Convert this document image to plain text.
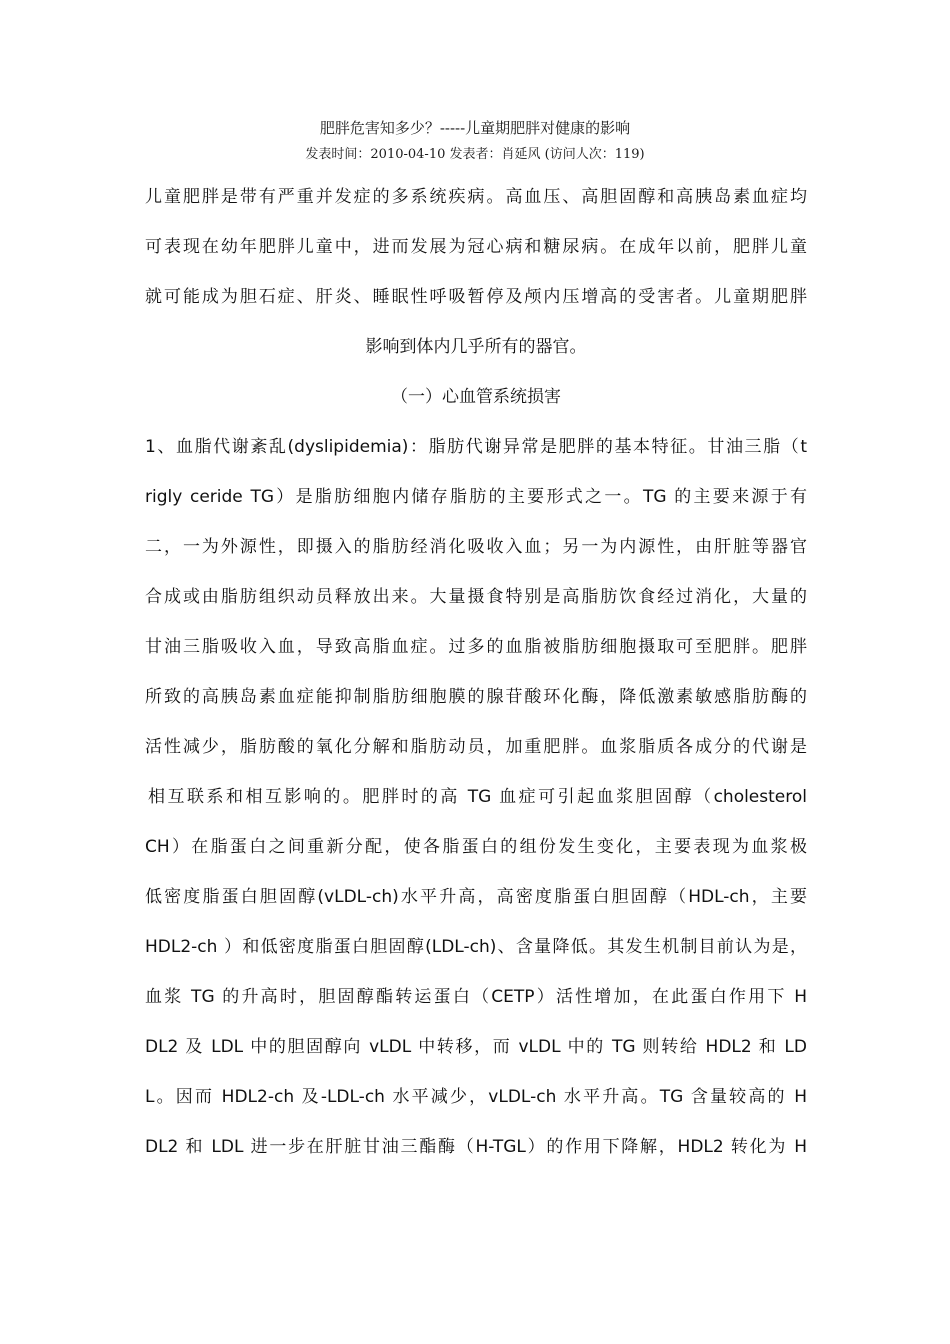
肥胖危害知多少？-----儿童期肥胖对健康的影响
发表时间：2010-04-10 发表者：肖延风 (访问人次：119)
儿童肥胖是带有严重并发症的多系统疾病。高血压、高胆固醇和高胰岛素血症均
可表现在幼年肥胖儿童中，进而发展为冠心病和糖尿病。在成年以前，肥胖儿童
就可能成为胆石症、肝炎、睡眠性呼吸暂停及颅内压增高的受害者。儿童期肥胖
影响到体内几乎所有的器官。
（一）心血管系统损害
1、血脂代谢紊乱(dyslipidemia)：脂肪代谢异常是肥胖的基本特征。甘油三脂（t
rigly ceride TG）是脂肪细胞内储存脂肪的主要形式之一。TG 的主要来源于有
二，一为外源性，即摄入的脂肪经消化吸收入血；另一为内源性，由肝脏等器官
合成或由脂肪组织动员释放出来。大量摄食特别是高脂肪饮食经过消化，大量的
甘油三脂吸收入血，导致高脂血症。过多的血脂被脂肪细胞摄取可至肥胖。肥胖
所致的高胰岛素血症能抑制脂肪细胞膜的腺苷酸环化酶，降低激素敏感脂肪酶的
活性减少，脂肪酸的氧化分解和脂肪动员，加重肥胖。血浆脂质各成分的代谢是
相互联系和相互影响的。肥胖时的高 TG 血症可引起血浆胆固醇（cholesterol
CH）在脂蛋白之间重新分配，使各脂蛋白的组份发生变化，主要表现为血浆极
低密度脂蛋白胆固醇(vLDL-ch)水平升高，高密度脂蛋白胆固醇（HDL-ch，主要
HDL2-ch ）和低密度脂蛋白胆固醇(LDL-ch)、含量降低。其发生机制目前认为是，
血浆 TG 的升高时，胆固醇酯转运蛋白（CETP）活性增加，在此蛋白作用下 H
DL2 及 LDL 中的胆固醇向 vLDL 中转移，而 vLDL 中的 TG 则转给 HDL2 和 LD
L。因而 HDL2-ch 及-LDL-ch 水平减少，vLDL-ch 水平升高。TG 含量较高的 H
DL2 和 LDL 进一步在肝脏甘油三酯酶（H-TGL）的作用下降解，HDL2 转化为 H
